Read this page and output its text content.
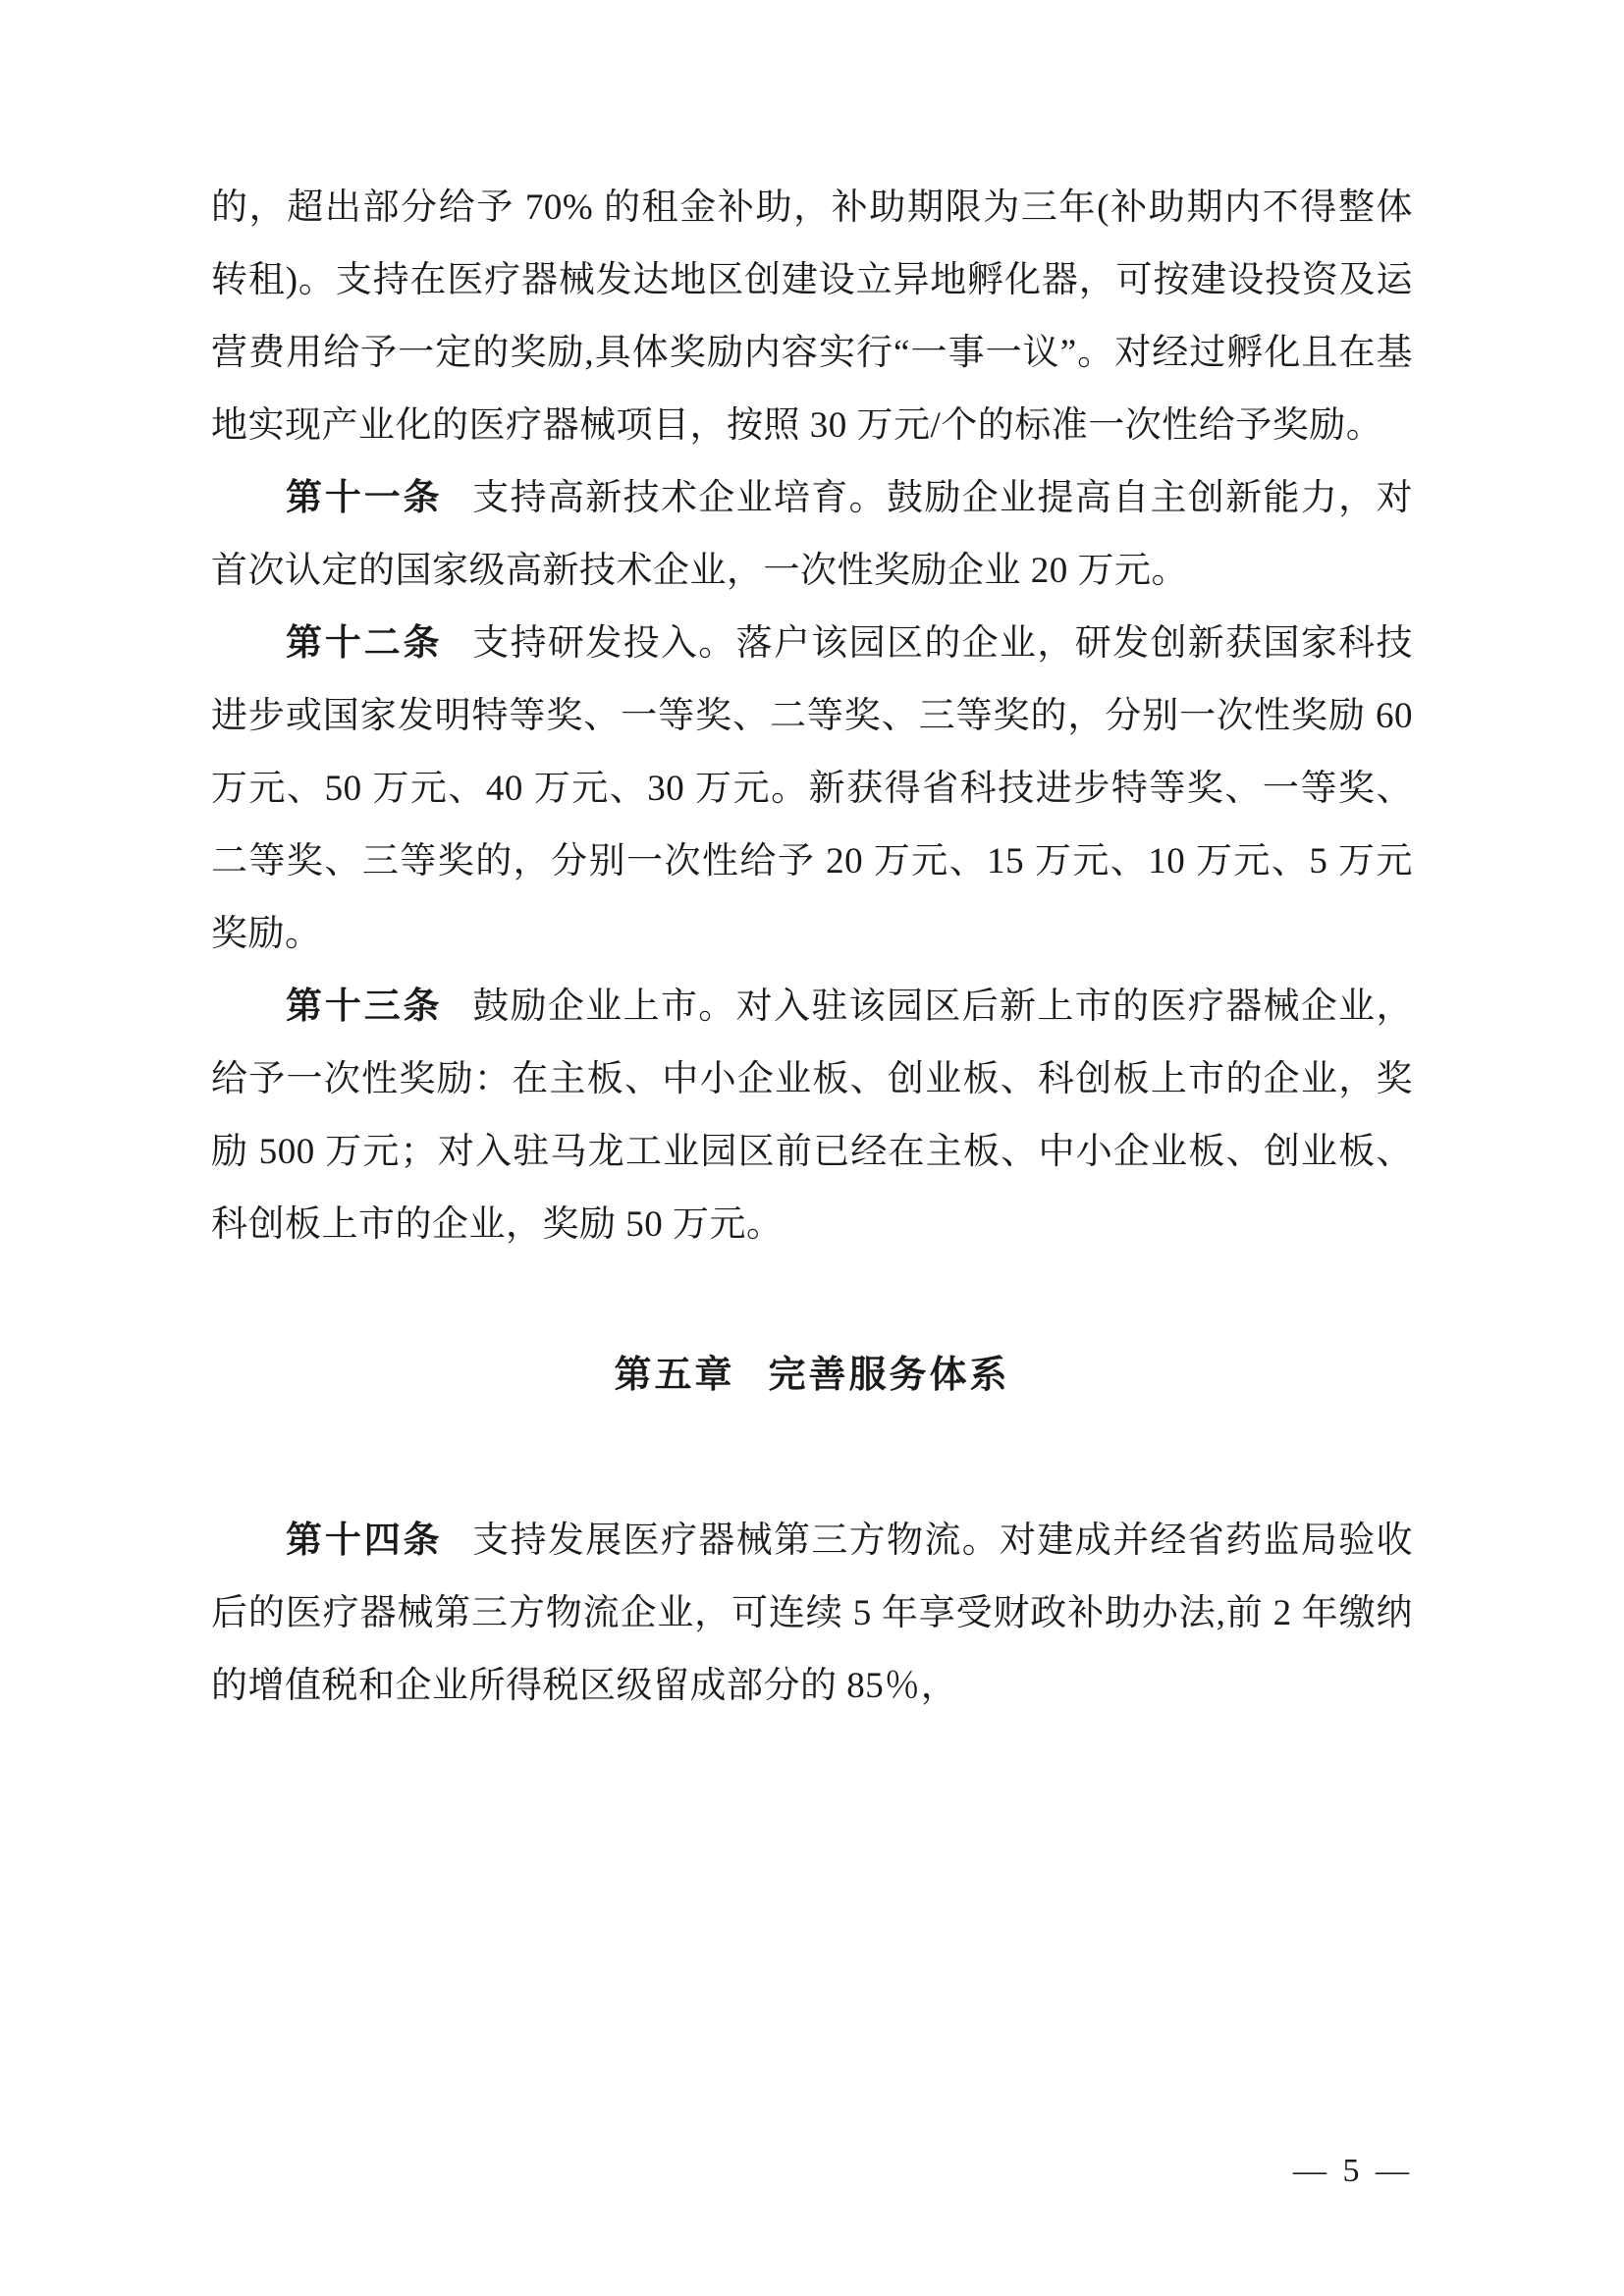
的，超出部分给予 70% 的租金补助，补助期限为三年(补助期内不得整体转租)。支持在医疗器械发达地区创建设立异地孵化器，可按建设投资及运营费用给予一定的奖励,具体奖励内容实行“一事一议”。对经过孵化且在基地实现产业化的医疗器械项目，按照 30 万元/个的标准一次性给予奖励。

第十一条 支持高新技术企业培育。鼓励企业提高自主创新能力，对首次认定的国家级高新技术企业，一次性奖励企业 20 万元。

第十二条 支持研发投入。落户该园区的企业，研发创新获国家科技进步或国家发明特等奖、一等奖、二等奖、三等奖的，分别一次性奖励 60 万元、50 万元、40 万元、30 万元。新获得省科技进步特等奖、一等奖、二等奖、三等奖的，分别一次性给予 20 万元、15 万元、10 万元、5 万元奖励。

第十三条 鼓励企业上市。对入驻该园区后新上市的医疗器械企业，给予一次性奖励：在主板、中小企业板、创业板、科创板上市的企业，奖励 500 万元；对入驻马龙工业园区前已经在主板、中小企业板、创业板、科创板上市的企业，奖励 50 万元。

第五章 完善服务体系

第十四条 支持发展医疗器械第三方物流。对建成并经省药监局验收后的医疗器械第三方物流企业，可连续 5 年享受财政补助办法,前 2 年缴纳的增值税和企业所得税区级留成部分的 85％，

— 5 —
